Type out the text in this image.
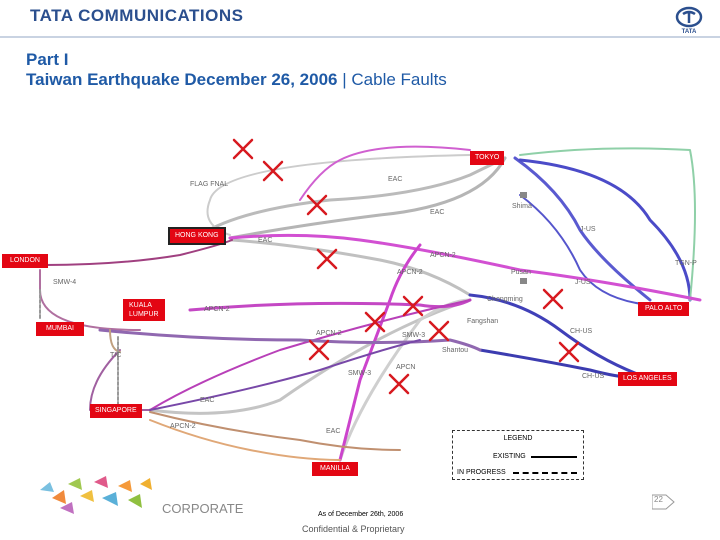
TATA COMMUNICATIONS
TATA
Part I
Taiwan Earthquake December 26, 2006 | Cable Faults
TOKYO
HONG KONG
LONDON
KUALA
LUMPUR
MUMBAI
SINGAPORE
MANILLA
PALO ALTO
LOS ANGELES
FLAG FNAL
EAC
Shima
EAC
J-US
EAC
APCN-2
TGN-P
APCN-2	Pusan
SMW-4	J-US
Chongming
APCN-2
Fangshan
CH-US
APCN-2	SMW-3
Shantou
TIC
SMW-3
APCN
CH-US
EAC
APCN-2
EAC
LEGEND
EXISTING
IN PROGRESS
CORPORATE	As of December 26th, 2006
Confidential & Proprietary
22
